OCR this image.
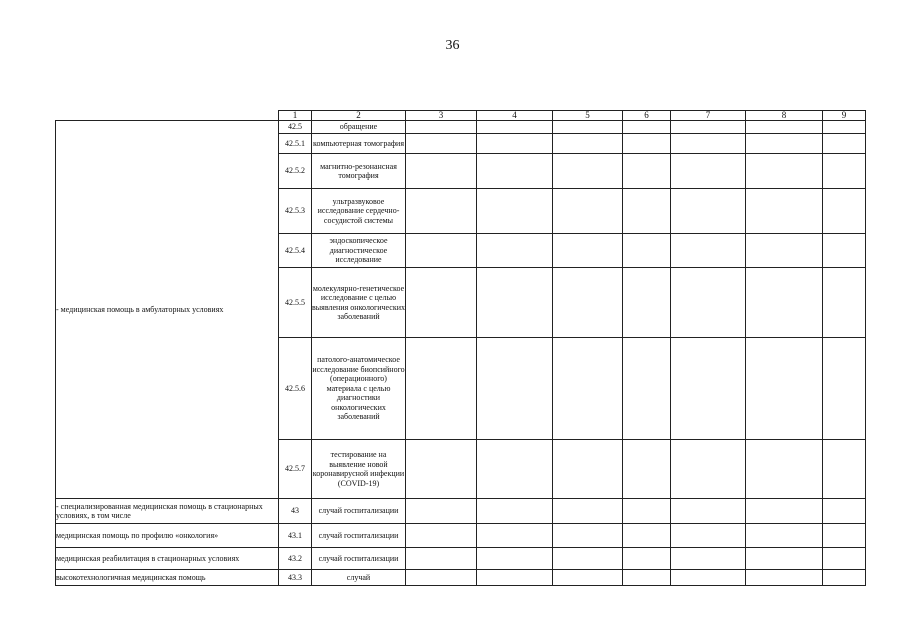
36
	1	2	3	4	5	6	7	8	9
- медицинская помощь в амбулаторных условиях	42.5	обращение							
	42.5.1	компьютерная томография							
	42.5.2	магнитно-резонансная томография							
	42.5.3	ультразвуковое исследование сердечно-сосудистой системы							
	42.5.4	эндоскопическое диагностическое исследование							
	42.5.5	молекулярно-генетическое исследование с целью выявления онкологических заболеваний							
	42.5.6	патолого-анатомическое исследование биопсийного (операционного) материала с целью диагностики онкологических заболеваний							
	42.5.7	тестирование на выявление новой коронавирусной инфекции (COVID-19)							
- специализированная медицинская помощь в стационарных условиях, в том числе	43	случай госпитализации							
медицинская помощь по профилю «онкология»	43.1	случай госпитализации							
медицинская реабилитация в стационарных условиях	43.2	случай госпитализации							
высокотехнологичная медицинская помощь	43.3	случай							
